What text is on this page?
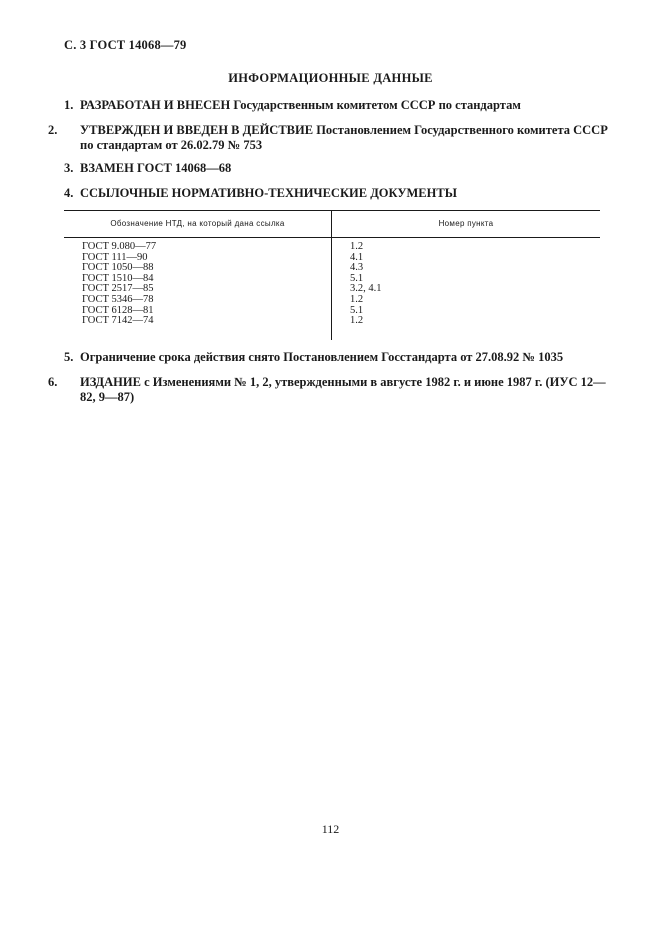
С. 3 ГОСТ 14068—79
ИНФОРМАЦИОННЫЕ ДАННЫЕ
1. РАЗРАБОТАН И ВНЕСЕН Государственным комитетом СССР по стандартам
2. УТВЕРЖДЕН И ВВЕДЕН В ДЕЙСТВИЕ Постановлением Государственного комитета СССР по стандартам от 26.02.79 № 753
3. ВЗАМЕН ГОСТ 14068—68
4. ССЫЛОЧНЫЕ НОРМАТИВНО-ТЕХНИЧЕСКИЕ ДОКУМЕНТЫ
Обозначение НТД, на который дана ссылка	Номер пункта
ГОСТ 9.080—77
ГОСТ 111—90
ГОСТ 1050—88
ГОСТ 1510—84
ГОСТ 2517—85
ГОСТ 5346—78
ГОСТ 6128—81
ГОСТ 7142—74
1.2
4.1
4.3
5.1
3.2, 4.1
1.2
5.1
1.2
5. Ограничение срока действия снято Постановлением Госстандарта от 27.08.92 № 1035
6. ИЗДАНИЕ с Изменениями № 1, 2, утвержденными в августе 1982 г. и июне 1987 г. (ИУС 12—82, 9—87)
112
